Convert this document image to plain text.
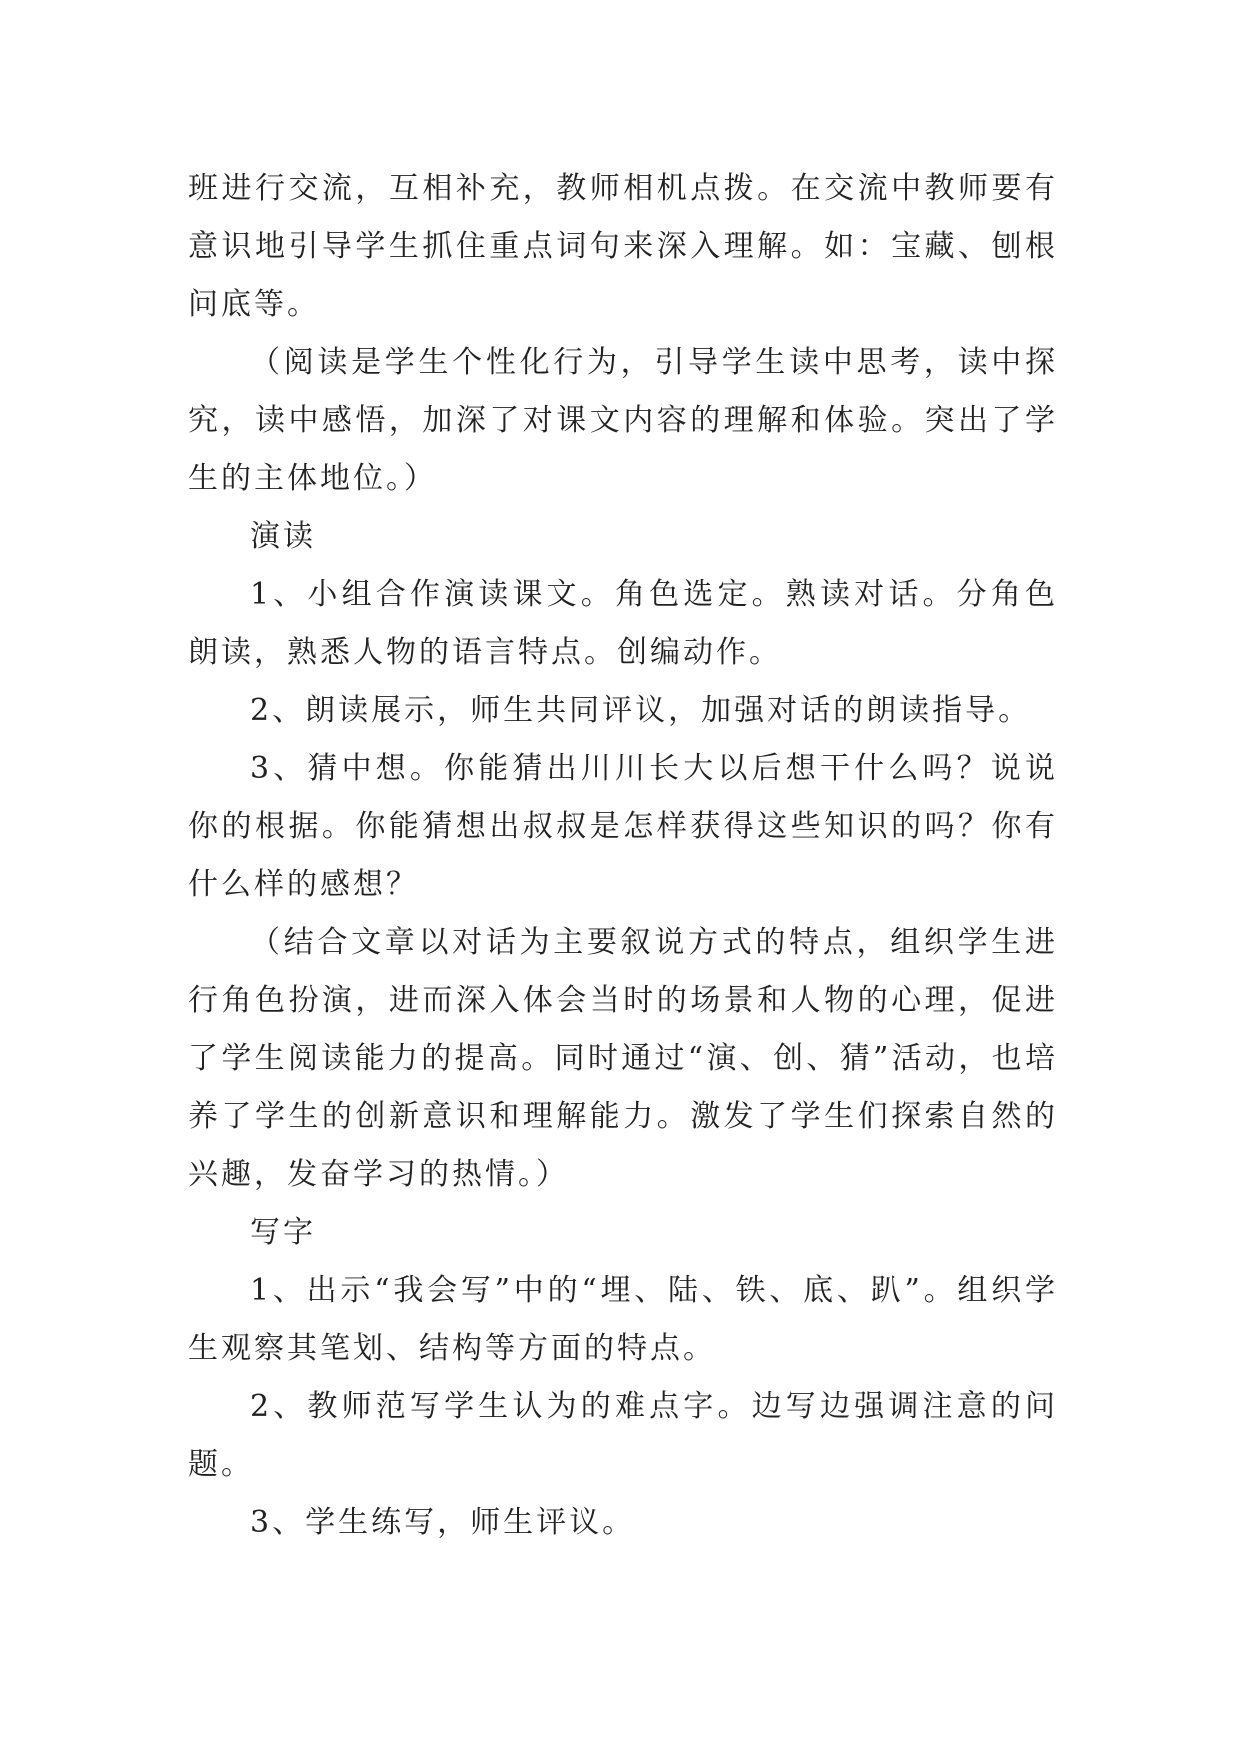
班进行交流，互相补充，教师相机点拨。在交流中教师要有意识地引导学生抓住重点词句来深入理解。如：宝藏、刨根问底等。

（阅读是学生个性化行为，引导学生读中思考，读中探究，读中感悟，加深了对课文内容的理解和体验。突出了学生的主体地位。）

演读

1、小组合作演读课文。角色选定。熟读对话。分角色朗读，熟悉人物的语言特点。创编动作。

2、朗读展示，师生共同评议，加强对话的朗读指导。

3、猜中想。你能猜出川川长大以后想干什么吗？说说你的根据。你能猜想出叔叔是怎样获得这些知识的吗？你有什么样的感想？

（结合文章以对话为主要叙说方式的特点，组织学生进行角色扮演，进而深入体会当时的场景和人物的心理，促进了学生阅读能力的提高。同时通过“演、创、猜”活动，也培养了学生的创新意识和理解能力。激发了学生们探索自然的兴趣，发奋学习的热情。）

写字

1、出示“我会写”中的“埋、陆、铁、底、趴”。组织学生观察其笔划、结构等方面的特点。

2、教师范写学生认为的难点字。边写边强调注意的问题。

3、学生练写，师生评议。
